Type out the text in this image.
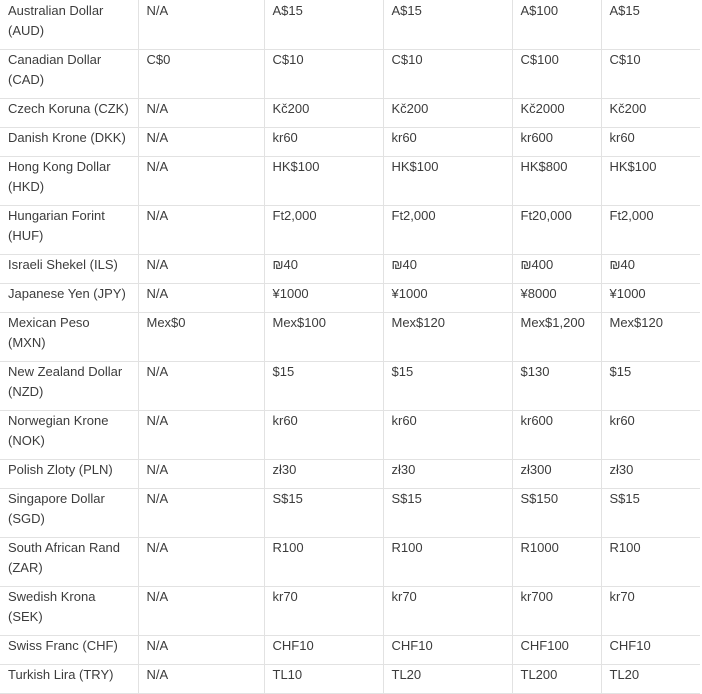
Australian Dollar (AUD)	N/A	A$15	A$15	A$100	A$15
Canadian Dollar (CAD)	C$0	C$10	C$10	C$100	C$10
Czech Koruna (CZK)	N/A	Kč200	Kč200	Kč2000	Kč200
Danish Krone (DKK)	N/A	kr60	kr60	kr600	kr60
Hong Kong Dollar (HKD)	N/A	HK$100	HK$100	HK$800	HK$100
Hungarian Forint (HUF)	N/A	Ft2,000	Ft2,000	Ft20,000	Ft2,000
Israeli Shekel (ILS)	N/A	₪40	₪40	₪400	₪40
Japanese Yen (JPY)	N/A	¥1000	¥1000	¥8000	¥1000
Mexican Peso (MXN)	Mex$0	Mex$100	Mex$120	Mex$1,200	Mex$120
New Zealand Dollar (NZD)	N/A	$15	$15	$130	$15
Norwegian Krone (NOK)	N/A	kr60	kr60	kr600	kr60
Polish Zloty (PLN)	N/A	zł30	zł30	zł300	zł30
Singapore Dollar (SGD)	N/A	S$15	S$15	S$150	S$15
South African Rand (ZAR)	N/A	R100	R100	R1000	R100
Swedish Krona (SEK)	N/A	kr70	kr70	kr700	kr70
Swiss Franc (CHF)	N/A	CHF10	CHF10	CHF100	CHF10
Turkish Lira (TRY)	N/A	TL10	TL20	TL200	TL20
